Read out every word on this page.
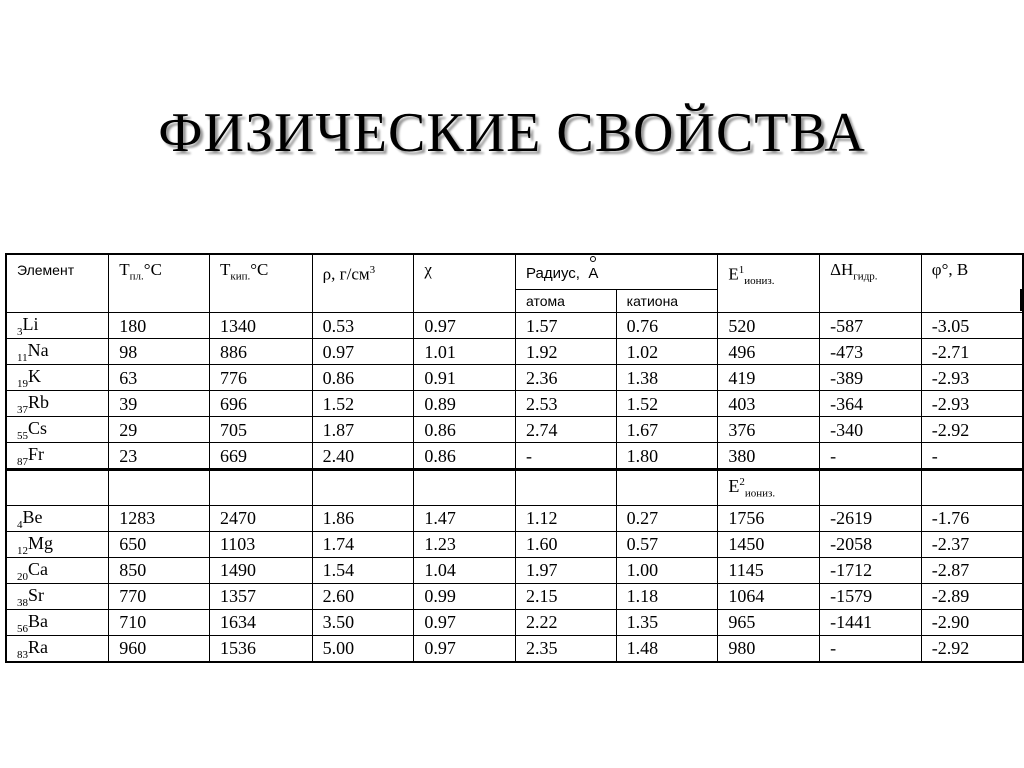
ФИЗИЧЕСКИЕ СВОЙСТВА
Элемент	$T_{пл.}^\circ С$	$T_{кип.}^\circ С$	ρ, $г/см^3$	χ	Радиус, A		$E^1_{иониз.}$	$\Delta H_{гидр.}$	φ°, В
					атома	катиона			
$_3$Li	180	1340	0.53	0.97	1.57	0.76	520	-587	-3.05
$_{11}$Na	98	886	0.97	1.01	1.92	1.02	496	-473	-2.71
$_{19}$K	63	776	0.86	0.91	2.36	1.38	419	-389	-2.93
$_{37}$Rb	39	696	1.52	0.89	2.53	1.52	403	-364	-2.93
$_{55}$Cs	29	705	1.87	0.86	2.74	1.67	376	-340	-2.92
$_{87}$Fr	23	669	2.40	0.86	-	1.80	380	-	-
							$E^2_{иониз.}$		
$_4$Be	1283	2470	1.86	1.47	1.12	0.27	1756	-2619	-1.76
$_{12}$Mg	650	1103	1.74	1.23	1.60	0.57	1450	-2058	-2.37
$_{20}$Ca	850	1490	1.54	1.04	1.97	1.00	1145	-1712	-2.87
$_{38}$Sr	770	1357	2.60	0.99	2.15	1.18	1064	-1579	-2.89
$_{56}$Ba	710	1634	3.50	0.97	2.22	1.35	965	-1441	-2.90
$_{83}$Ra	960	1536	5.00	0.97	2.35	1.48	980	-	-2.92
